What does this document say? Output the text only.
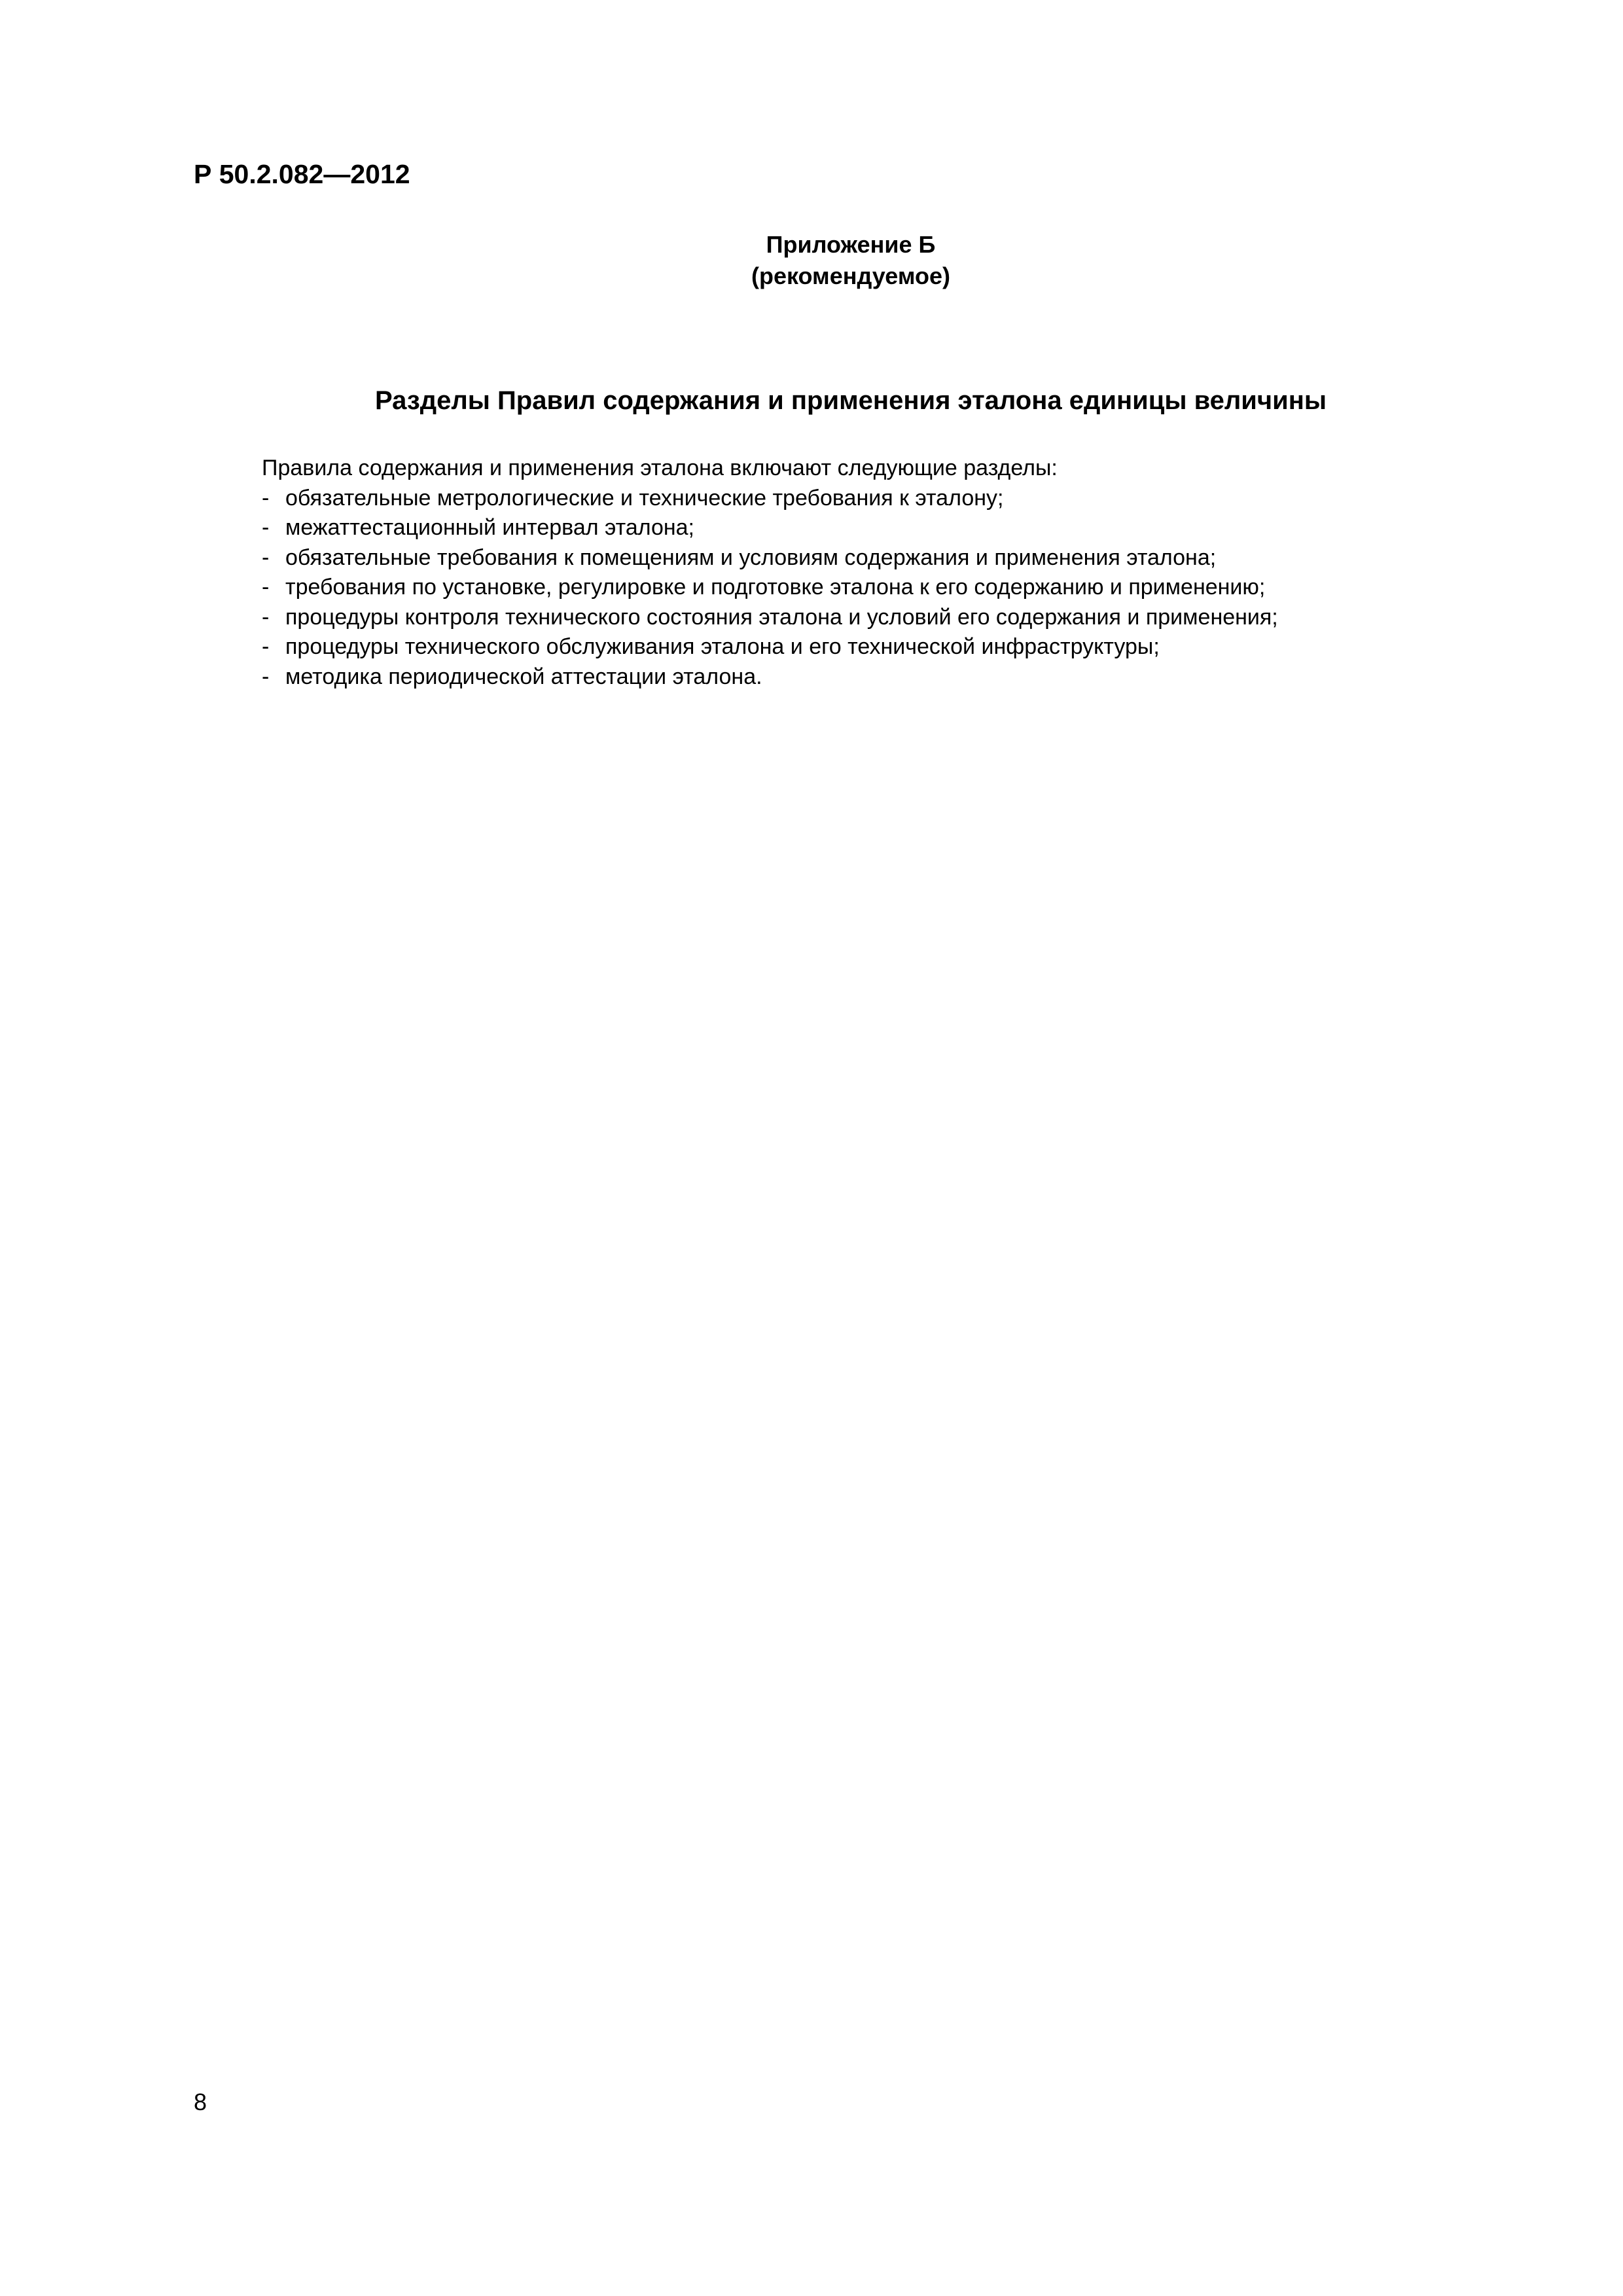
Р 50.2.082—2012
Приложение Б
(рекомендуемое)
Разделы Правил содержания и применения эталона единицы величины
Правила содержания и применения эталона включают следующие разделы:
- обязательные метрологические и технические требования к эталону;
- межаттестационный интервал эталона;
- обязательные требования к помещениям и условиям содержания и применения эталона;
- требования по установке, регулировке и подготовке эталона к его содержанию и применению;
- процедуры контроля технического состояния эталона и условий его содержания и применения;
- процедуры технического обслуживания эталона и его технической инфраструктуры;
- методика периодической аттестации эталона.
8
